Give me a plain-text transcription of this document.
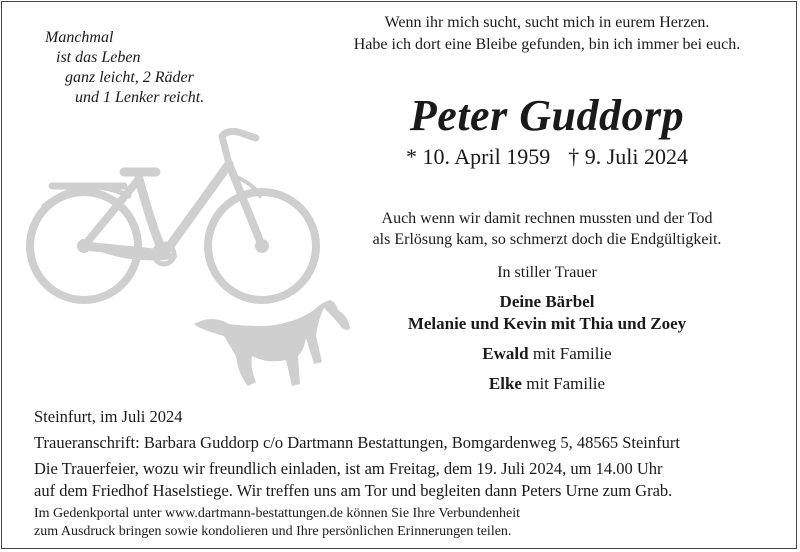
Manchmal
ist das Leben
ganz leicht, 2 Räder
und 1 Lenker reicht.
Wenn ihr mich sucht, sucht mich in eurem Herzen.
Habe ich dort eine Bleibe gefunden, bin ich immer bei euch.
Peter Guddorp
* 10. April 1959 † 9. Juli 2024
Auch wenn wir damit rechnen mussten und der Tod
als Erlösung kam, so schmerzt doch die Endgültigkeit.
In stiller Trauer
Deine Bärbel
Melanie und Kevin mit Thia und Zoey
Ewald mit Familie
Elke mit Familie
Steinfurt, im Juli 2024
Traueranschrift: Barbara Guddorp c/o Dartmann Bestattungen, Bomgardenweg 5, 48565 Steinfurt
Die Trauerfeier, wozu wir freundlich einladen, ist am Freitag, dem 19. Juli 2024, um 14.00 Uhr
auf dem Friedhof Haselstiege. Wir treffen uns am Tor und begleiten dann Peters Urne zum Grab.
Im Gedenkportal unter www.dartmann-bestattungen.de können Sie Ihre Verbundenheit
zum Ausdruck bringen sowie kondolieren und Ihre persönlichen Erinnerungen teilen.
